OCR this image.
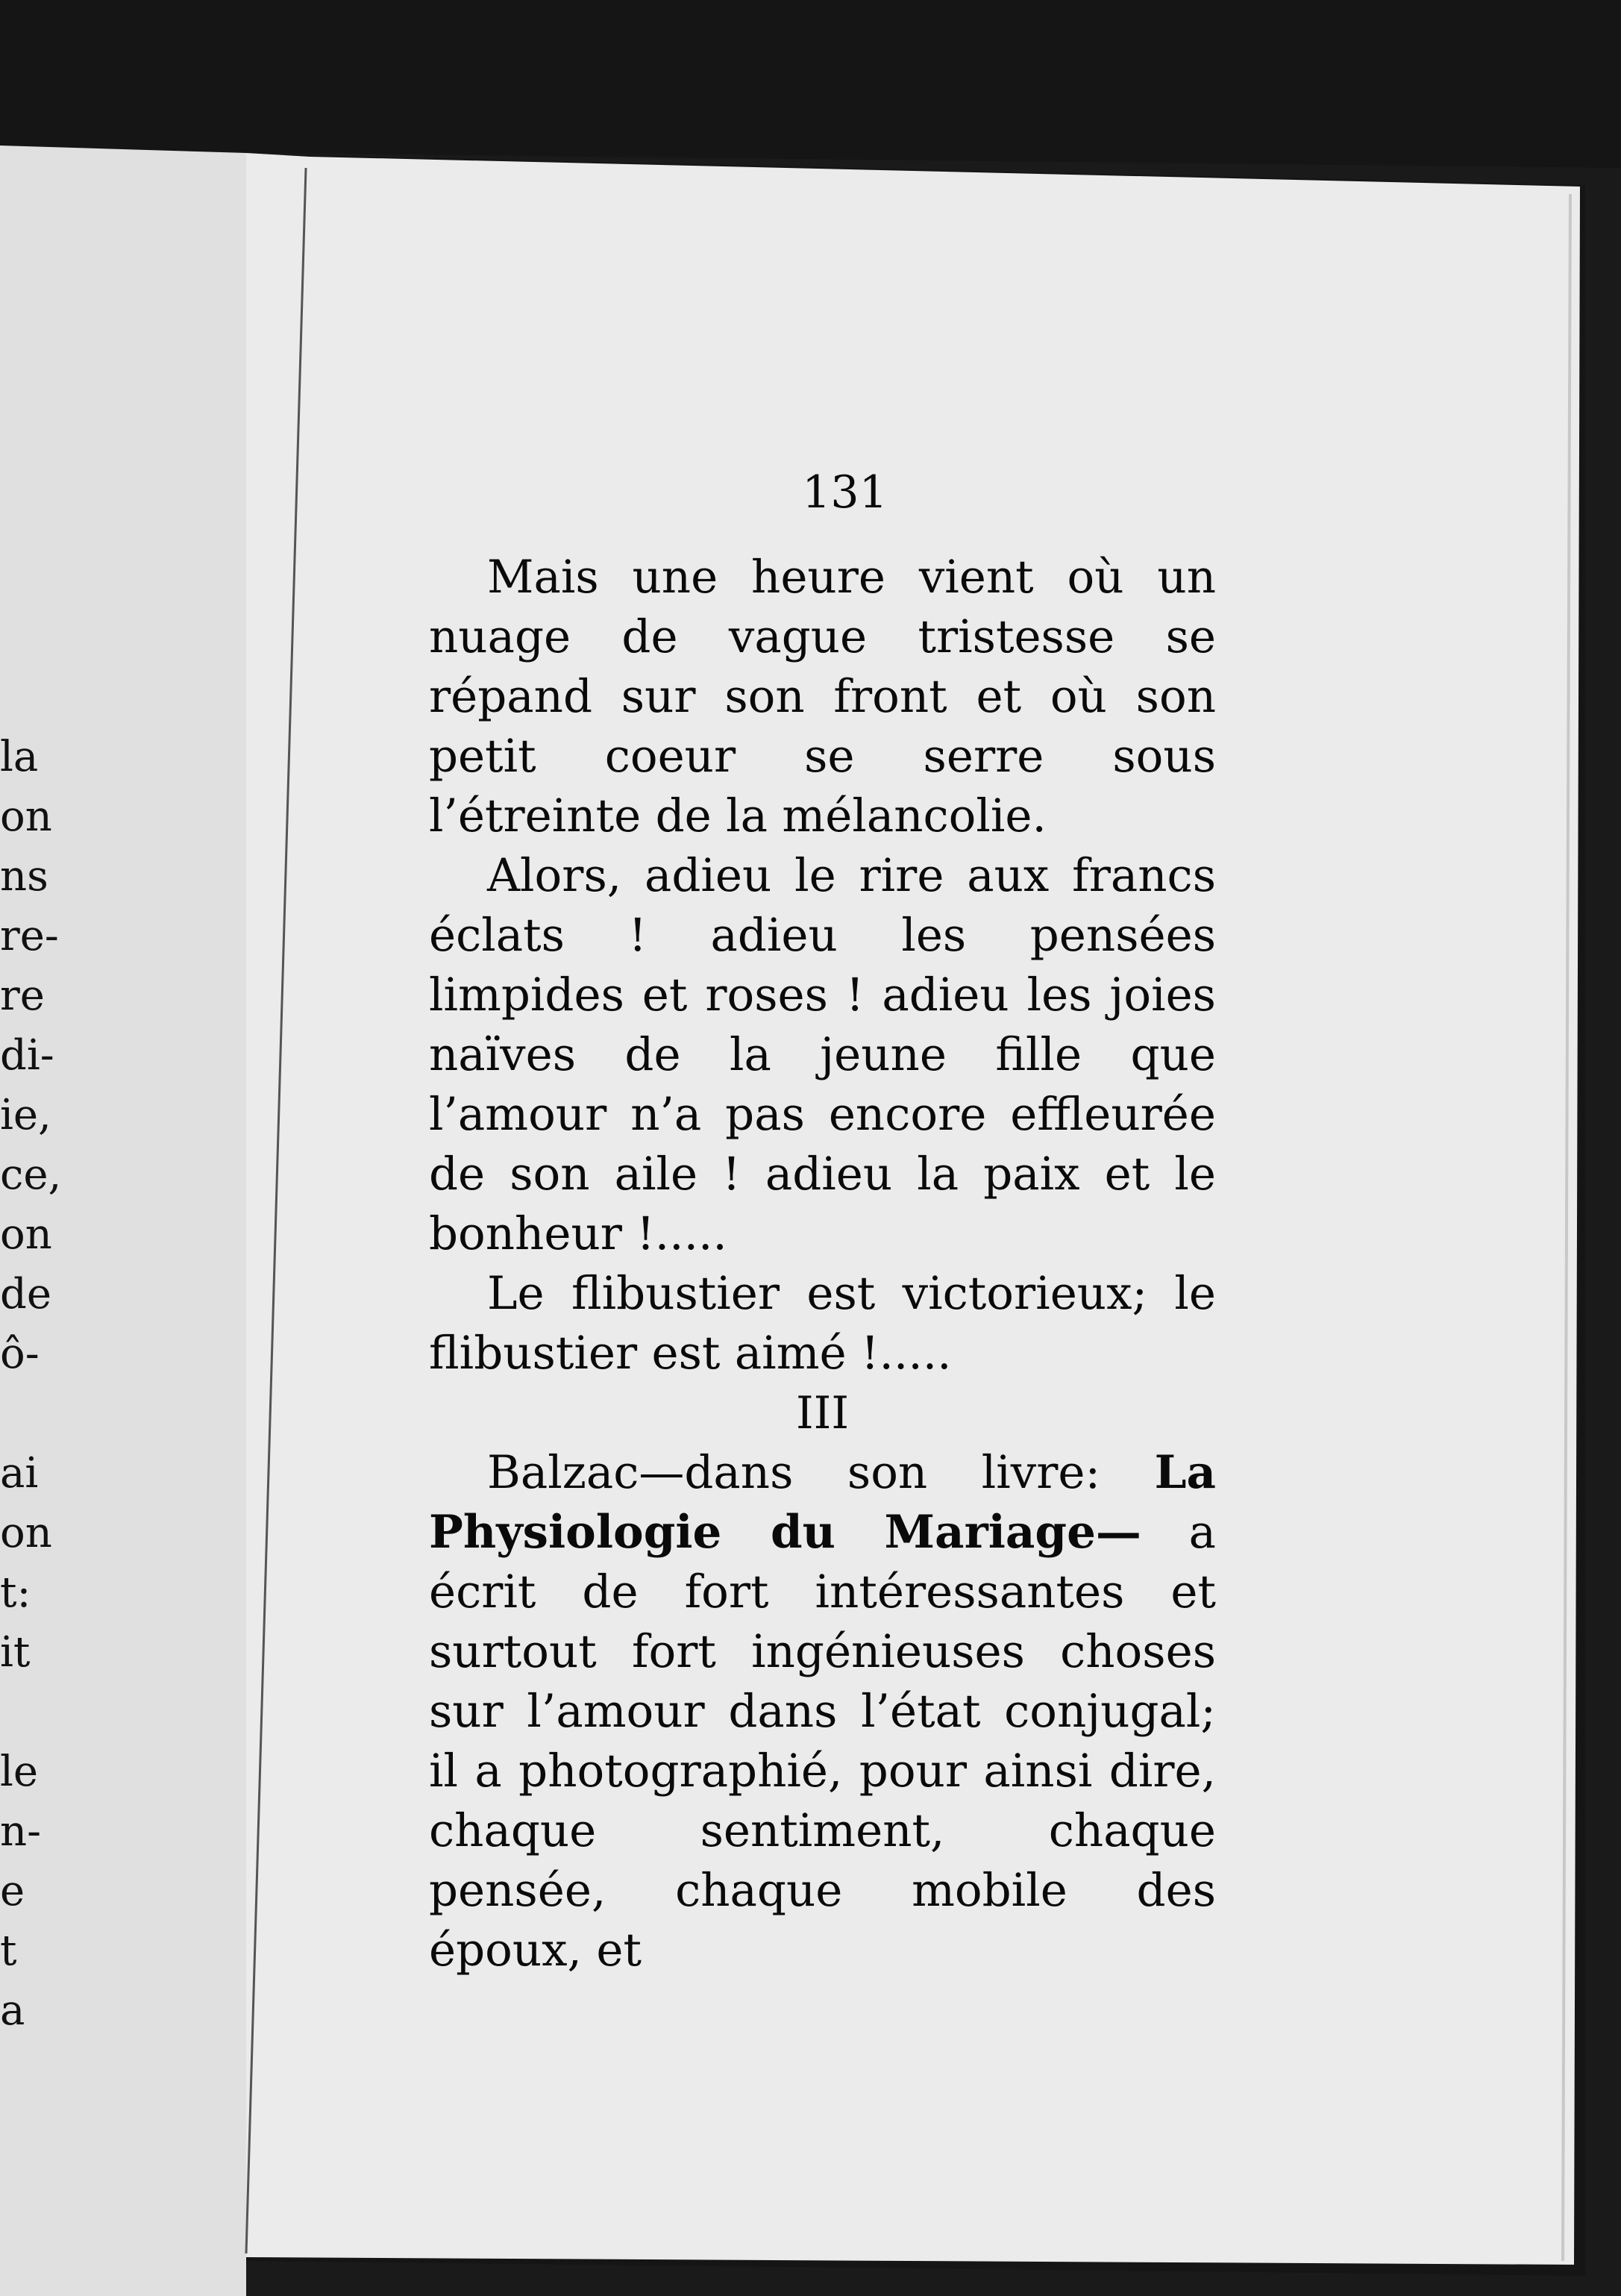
la
on
ns
re-
re
di-
ie,
ce,
on
de
ô-
ai
on
t:
it
le
n-
e
t
a
131

Mais une heure vient où un nuage de vague tristesse se répand sur son front et où son petit coeur se serre sous l’étreinte de la mélancolie.

Alors, adieu le rire aux francs éclats ! adieu les pensées limpides et roses ! adieu les joies naïves de la jeune fille que l’amour n’a pas encore effleurée de son aile ! adieu la paix et le bonheur !.....

Le flibustier est victorieux; le flibustier est aimé !.....

III

Balzac—dans son livre: La Physiologie du Mariage— a écrit de fort intéressantes et surtout fort ingénieuses choses sur l’amour dans l’état conjugal; il a photographié, pour ainsi dire, chaque sentiment, chaque pensée, chaque mobile des époux, et
